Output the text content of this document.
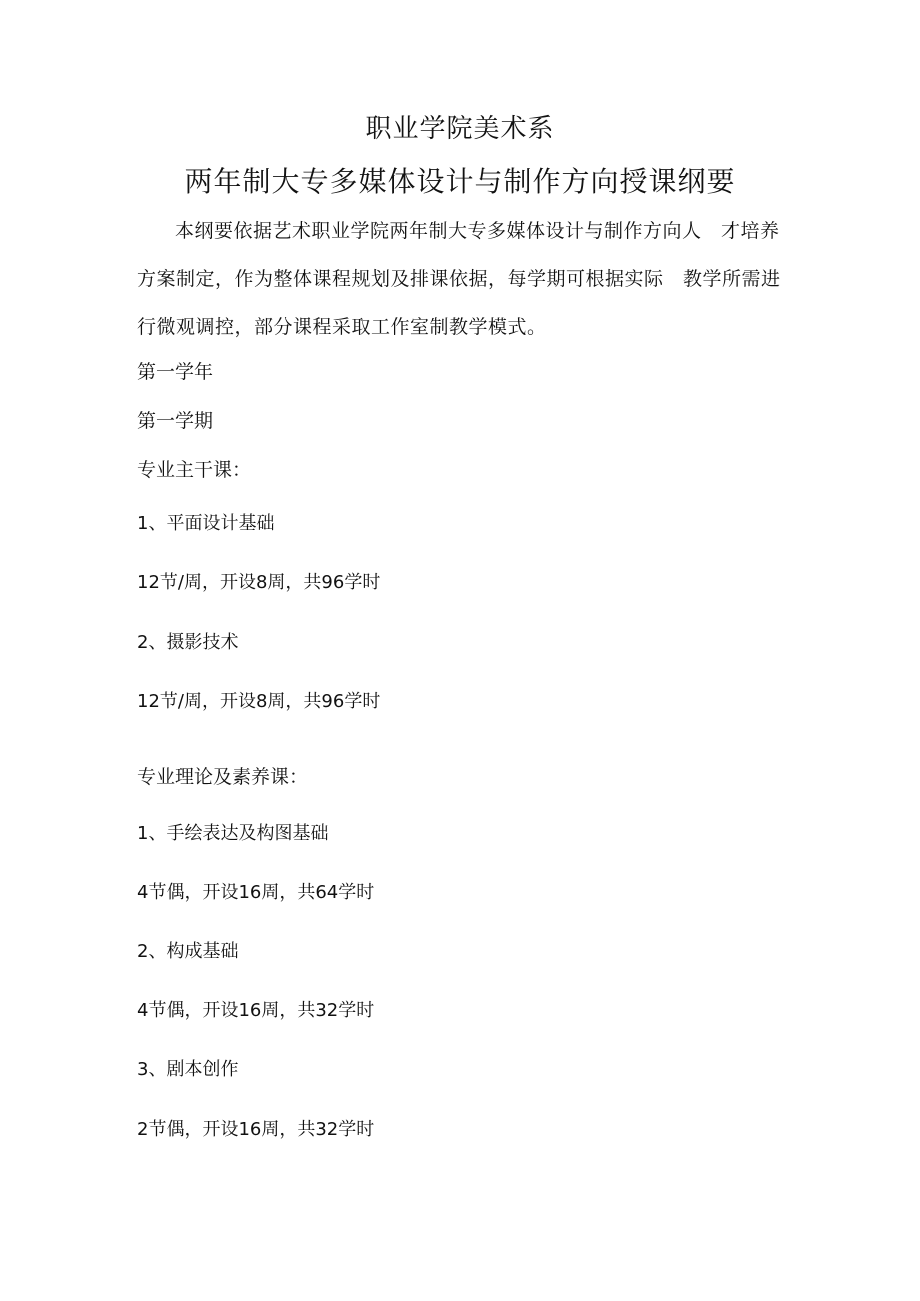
职业学院美术系
两年制大专多媒体设计与制作方向授课纲要

本纲要依据艺术职业学院两年制大专多媒体设计与制作方向人　才培养方案制定，作为整体课程规划及排课依据，每学期可根据实际　教学所需进行微观调控，部分课程采取工作室制教学模式。

第一学年

第一学期

专业主干课：

1、平面设计基础

12节/周，开设8周，共96学时

2、摄影技术

12节/周，开设8周，共96学时

专业理论及素养课：

1、手绘表达及构图基础

4节偶，开设16周，共64学时

2、构成基础

4节偶，开设16周，共32学时

3、剧本创作

2节偶，开设16周，共32学时
